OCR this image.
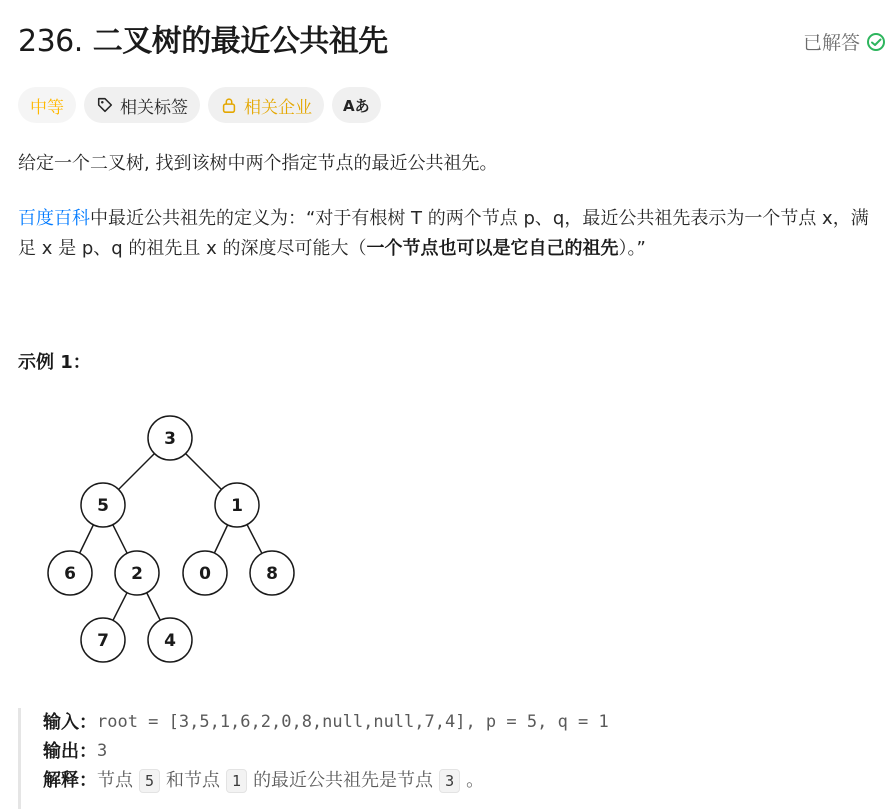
236. 二叉树的最近公共祖先	已解答
中等	相关标签	相关企业 Aあ
给定一个二叉树, 找到该树中两个指定节点的最近公共祖先。
百度百科中最近公共祖先的定义为：“对于有根树 T 的两个节点 p、q，最近公共祖先表示为一个节点 x，满足 x 是 p、q 的祖先且 x 的深度尽可能大（一个节点也可以是它自己的祖先）。”
示例 1：
3
5	1
6	2	0	8
7	4
输入： root = [3,5,1,6,2,0,8,null,null,7,4], p = 5, q = 1
输出： 3
解释： 节点 5 和节点 1 的最近公共祖先是节点 3 。
